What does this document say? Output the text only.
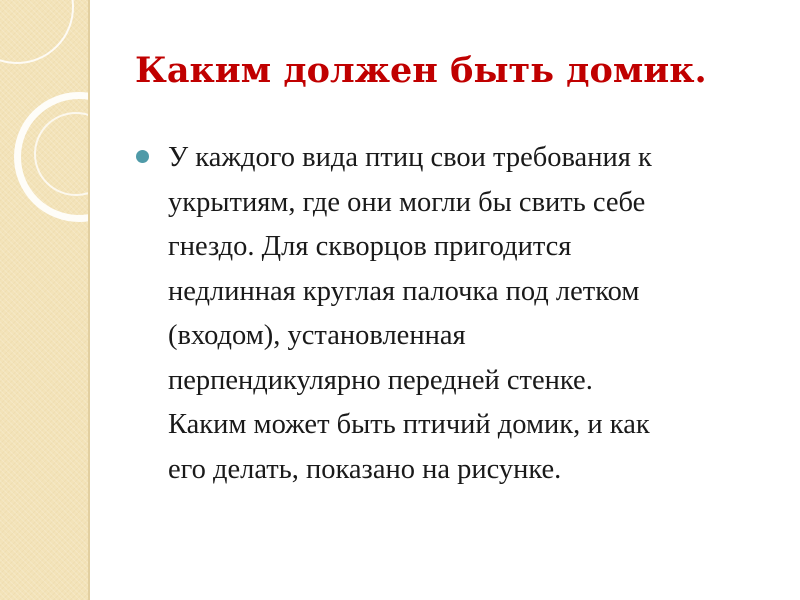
Каким должен быть домик.
У каждого вида птиц свои требования к
укрытиям, где они могли бы свить себе
гнездо. Для скворцов пригодится
недлинная круглая палочка под летком
(входом), установленная
перпендикулярно передней стенке.
Каким может быть птичий домик, и как
его делать, показано на рисунке.
